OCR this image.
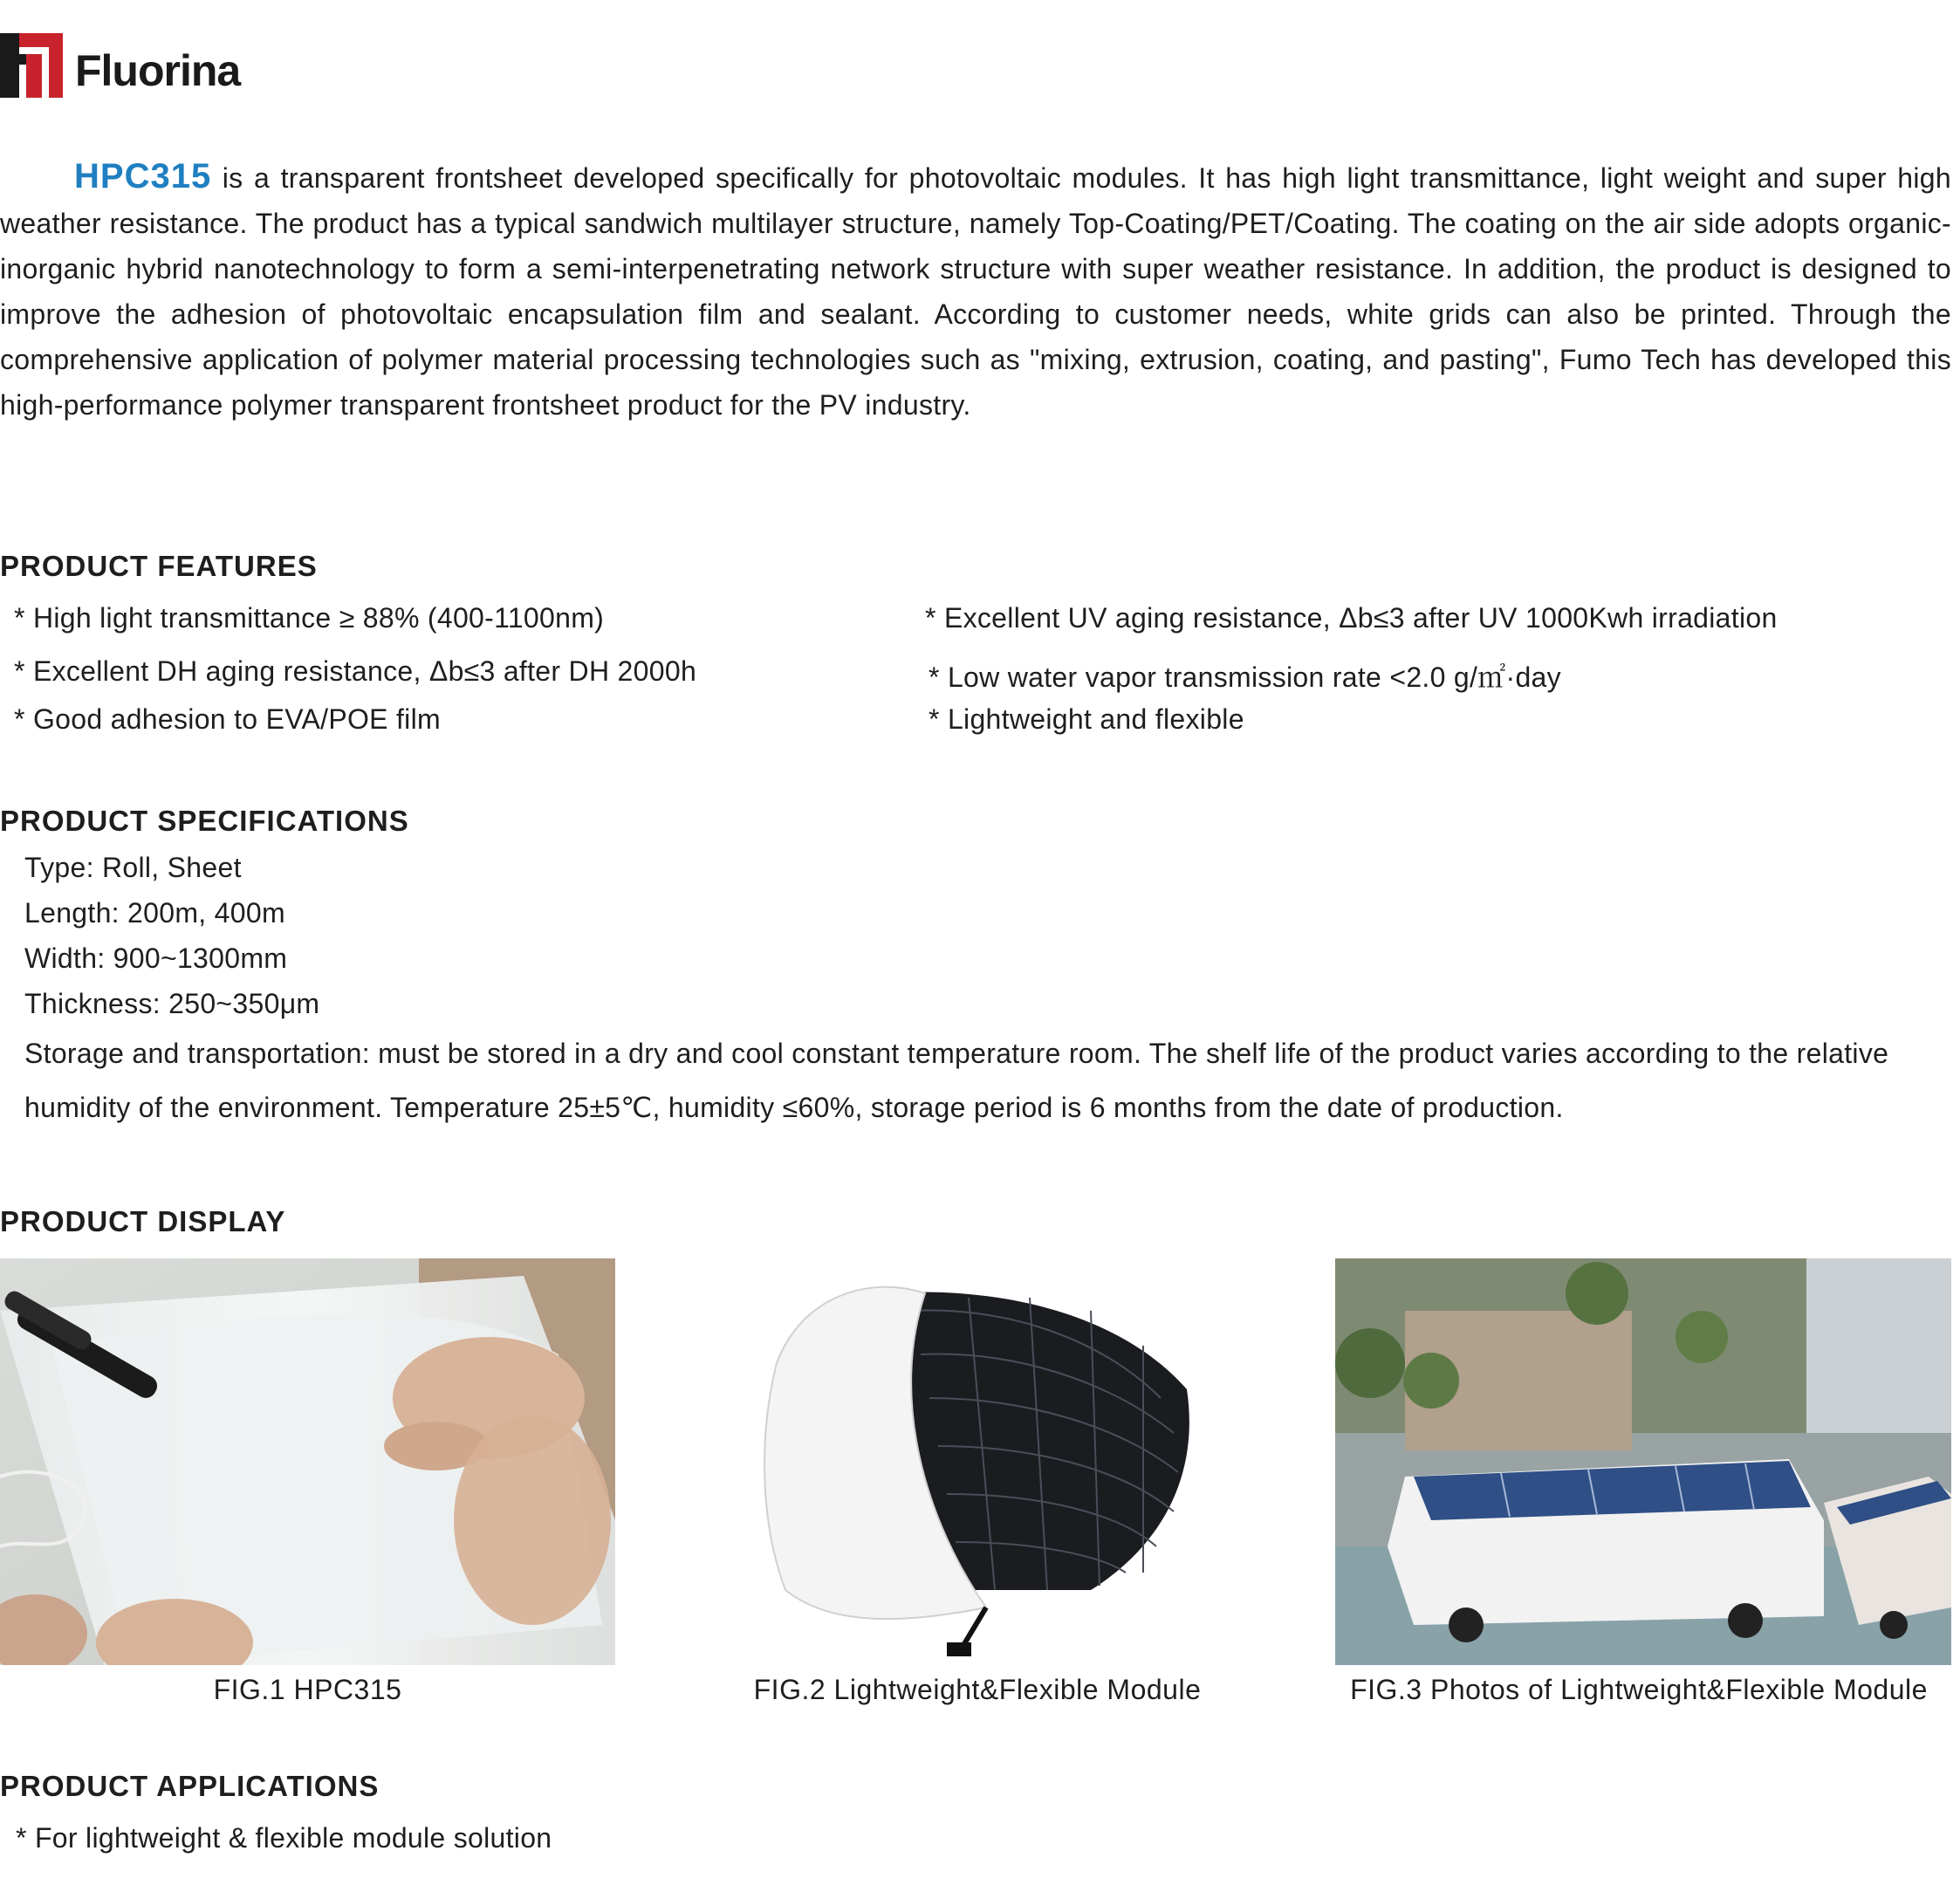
Fluorina
HPC315 is a transparent frontsheet developed specifically for photovoltaic modules. It has high light transmittance, light weight and super high weather resistance. The product has a typical sandwich multilayer structure, namely Top-Coating/PET/Coating. The coating on the air side adopts organic-inorganic hybrid nanotechnology to form a semi-interpenetrating network structure with super weather resistance. In addition, the product is designed to improve the adhesion of photovoltaic encapsulation film and sealant. According to customer needs, white grids can also be printed. Through the comprehensive application of polymer material processing technologies such as "mixing, extrusion, coating, and pasting", Fumo Tech has developed this high-performance polymer transparent frontsheet product for the PV industry.
PRODUCT FEATURES
* High light transmittance ≥ 88% (400-1100nm)	* Excellent UV aging resistance, Δb≤3 after UV 1000Kwh irradiation
* Excellent DH aging resistance, Δb≤3 after DH 2000h	* Low water vapor transmission rate <2.0 g/㎡·day
* Good adhesion to EVA/POE film	* Lightweight and flexible
PRODUCT SPECIFICATIONS
Type: Roll, Sheet
Length: 200m, 400m
Width: 900~1300mm
Thickness: 250~350μm
Storage and transportation: must be stored in a dry and cool constant temperature room. The shelf life of the product varies according to the relative humidity of the environment. Temperature 25±5℃, humidity ≤60%, storage period is 6 months from the date of production.
PRODUCT DISPLAY
FIG.1 HPC315	FIG.2 Lightweight&Flexible Module	FIG.3 Photos of Lightweight&Flexible Module
PRODUCT APPLICATIONS
* For lightweight & flexible module solution
